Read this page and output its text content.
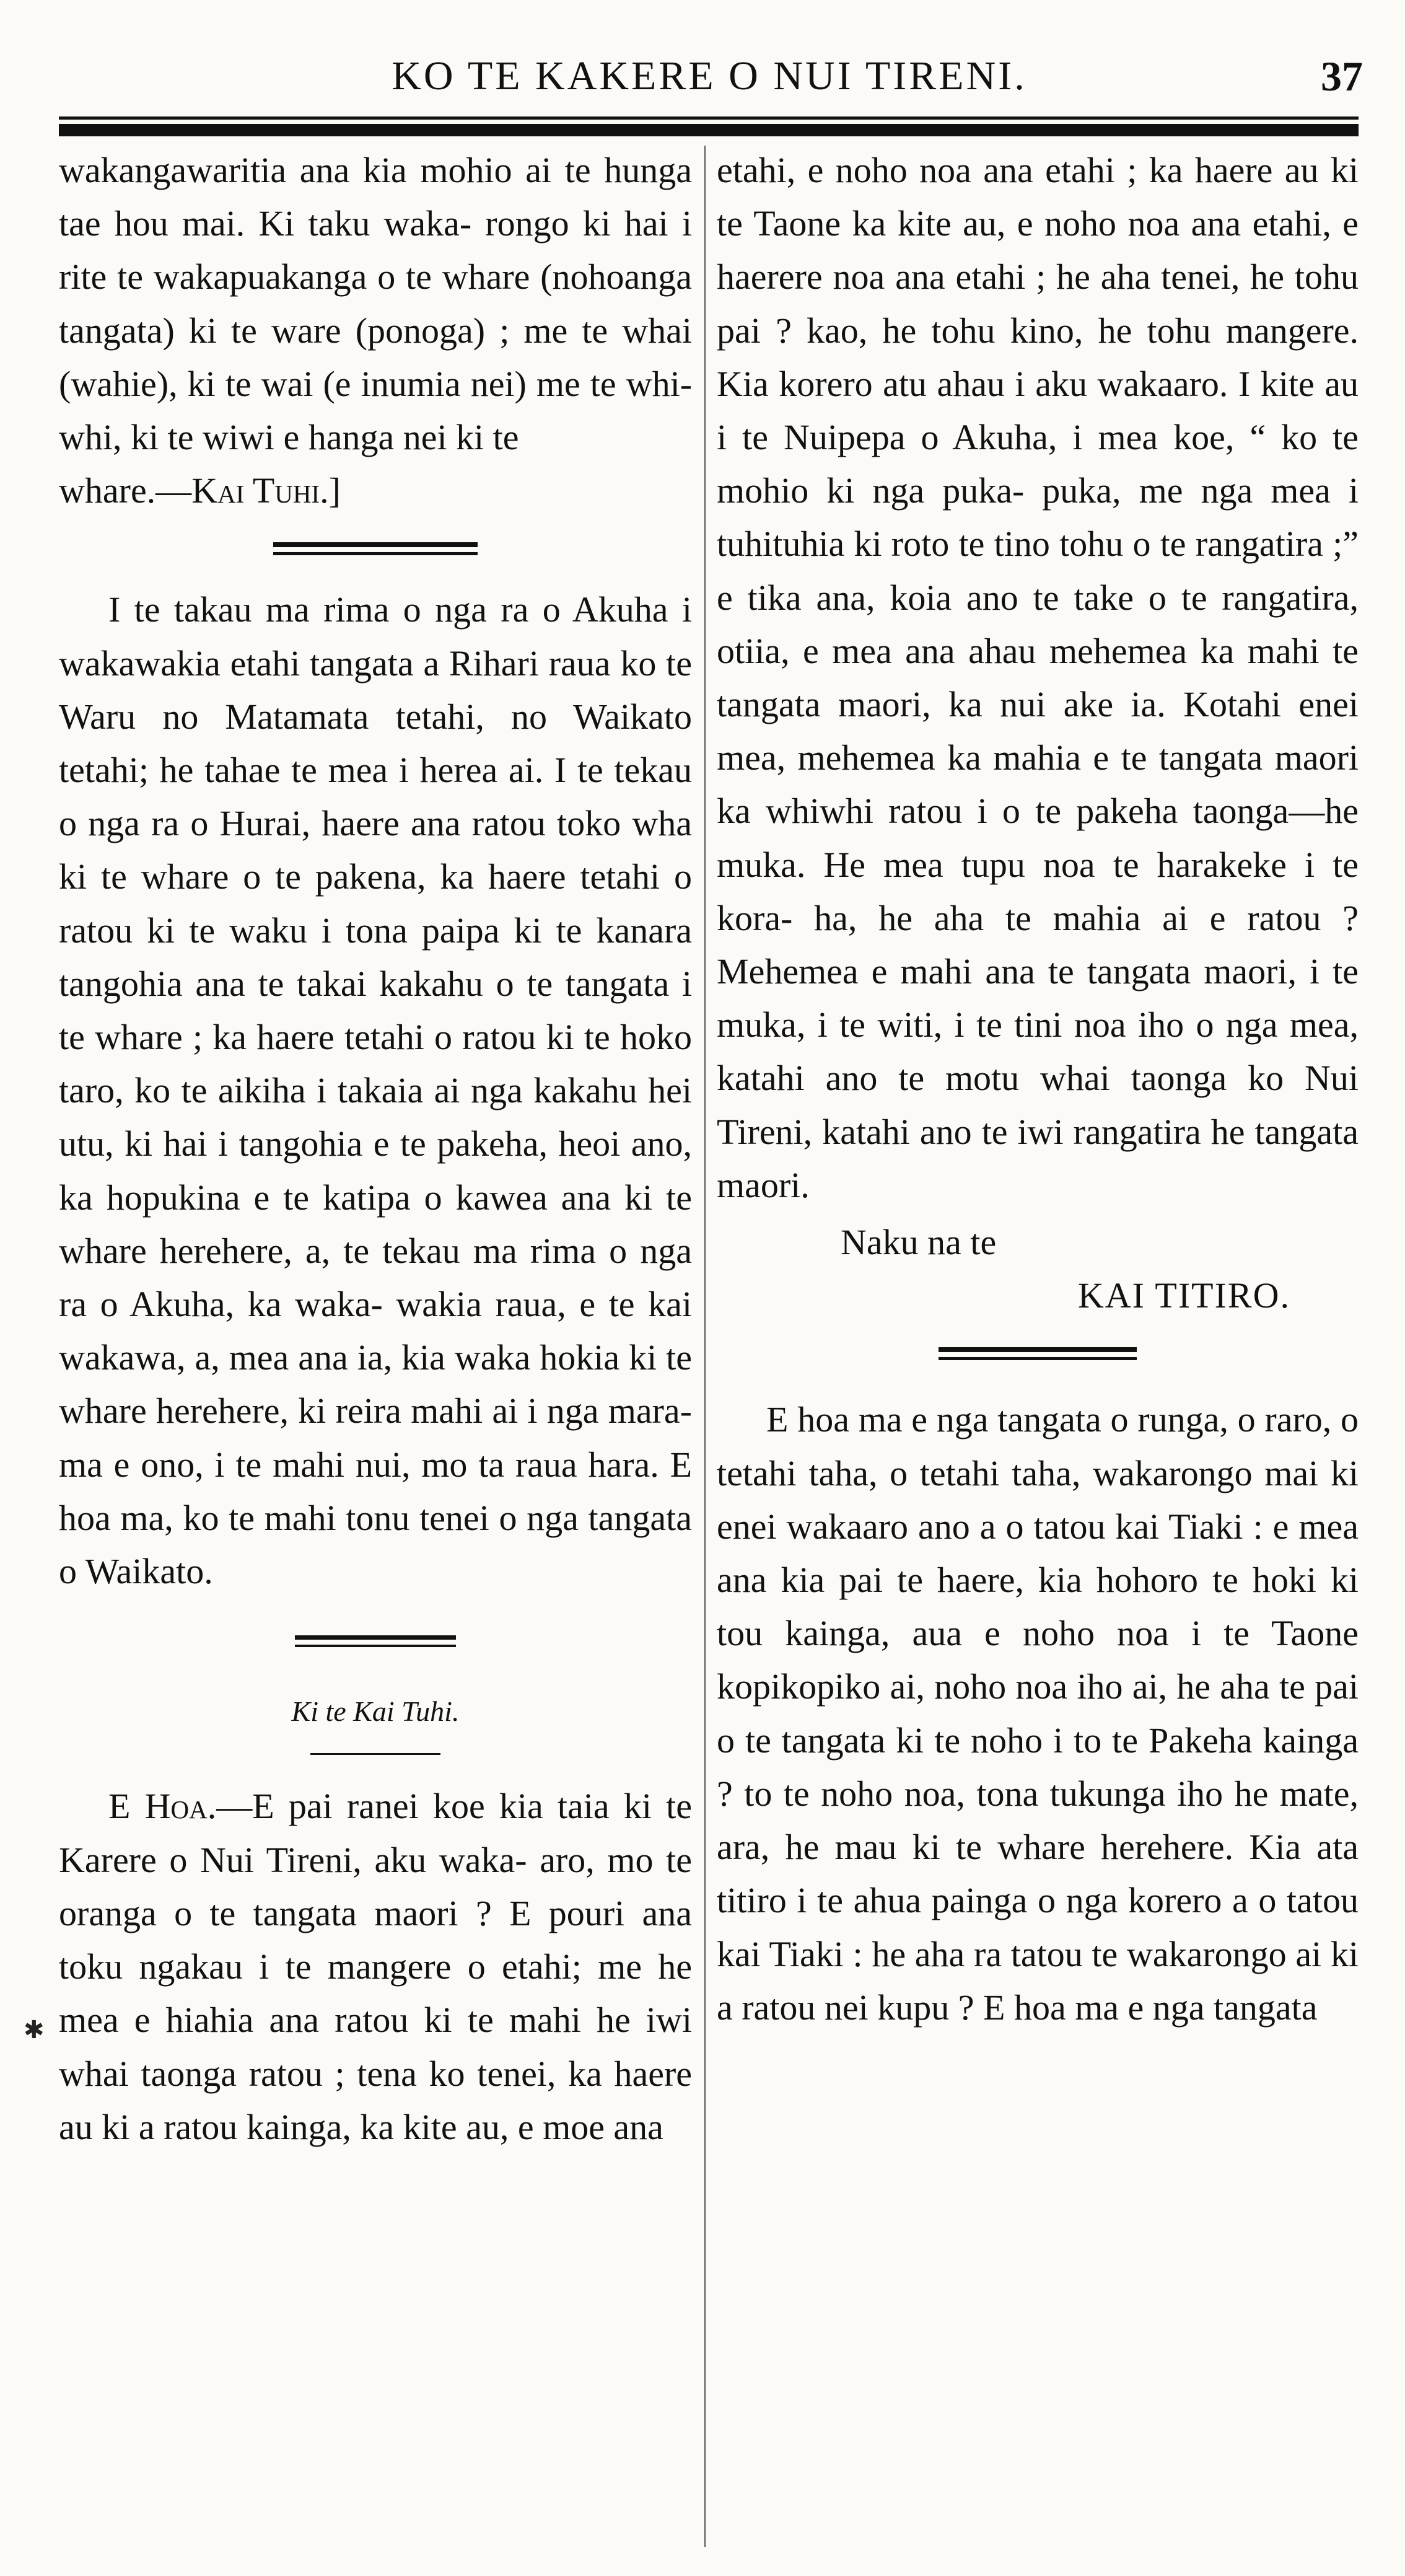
KO TE KAKERE O NUI TIRENI.	37
✱

wakangawaritia ana kia mohio ai te hunga tae hou mai. Ki taku waka- rongo ki hai i rite te wakapuakanga o te whare (nohoanga tangata) ki te ware (ponoga) ; me te whai (wahie), ki te wai (e inumia nei) me te whi- whi, ki te wiwi e hanga nei ki te

whare.—Kai Tuhi.]

I te takau ma rima o nga ra o Akuha i wakawakia etahi tangata a Rihari raua ko te Waru no Matamata tetahi, no Waikato tetahi; he tahae te mea i herea ai. I te tekau o nga ra o Hurai, haere ana ratou toko wha ki te whare o te pakena, ka haere tetahi o ratou ki te waku i tona paipa ki te kanara tangohia ana te takai kakahu o te tangata i te whare ; ka haere tetahi o ratou ki te hoko taro, ko te aikiha i takaia ai nga kakahu hei utu, ki hai i tangohia e te pakeha, heoi ano, ka hopukina e te katipa o kawea ana ki te whare herehere, a, te tekau ma rima o nga ra o Akuha, ka waka- wakia raua, e te kai wakawa, a, mea ana ia, kia waka hokia ki te whare herehere, ki reira mahi ai i nga mara- ma e ono, i te mahi nui, mo ta raua hara. E hoa ma, ko te mahi tonu tenei o nga tangata o Waikato.

Ki te Kai Tuhi.

E Hoa.—E pai ranei koe kia taia ki te Karere o Nui Tireni, aku waka- aro, mo te oranga o te tangata maori ? E pouri ana toku ngakau i te mangere o etahi; me he mea e hiahia ana ratou ki te mahi he iwi whai taonga ratou ; tena ko tenei, ka haere au ki a ratou kainga, ka kite au, e moe ana

etahi, e noho noa ana etahi ; ka haere au ki te Taone ka kite au, e noho noa ana etahi, e haerere noa ana etahi ; he aha tenei, he tohu pai ? kao, he tohu kino, he tohu mangere. Kia korero atu ahau i aku wakaaro. I kite au i te Nuipepa o Akuha, i mea koe, “ ko te mohio ki nga puka- puka, me nga mea i tuhituhia ki roto te tino tohu o te rangatira ;” e tika ana, koia ano te take o te rangatira, otiia, e mea ana ahau mehemea ka mahi te tangata maori, ka nui ake ia. Kotahi enei mea, mehemea ka mahia e te tangata maori ka whiwhi ratou i o te pakeha taonga—he muka. He mea tupu noa te harakeke i te kora- ha, he aha te mahia ai e ratou ? Mehemea e mahi ana te tangata maori, i te muka, i te witi, i te tini noa iho o nga mea, katahi ano te motu whai taonga ko Nui Tireni, katahi ano te iwi rangatira he tangata maori.

Naku na te

KAI TITIRO.

E hoa ma e nga tangata o runga, o raro, o tetahi taha, o tetahi taha, wakarongo mai ki enei wakaaro ano a o tatou kai Tiaki : e mea ana kia pai te haere, kia hohoro te hoki ki tou kainga, aua e noho noa i te Taone kopikopiko ai, noho noa iho ai, he aha te pai o te tangata ki te noho i to te Pakeha kainga ? to te noho noa, tona tukunga iho he mate, ara, he mau ki te whare herehere. Kia ata titiro i te ahua painga o nga korero a o tatou kai Tiaki : he aha ra tatou te wakarongo ai ki a ratou nei kupu ? E hoa ma e nga tangata
